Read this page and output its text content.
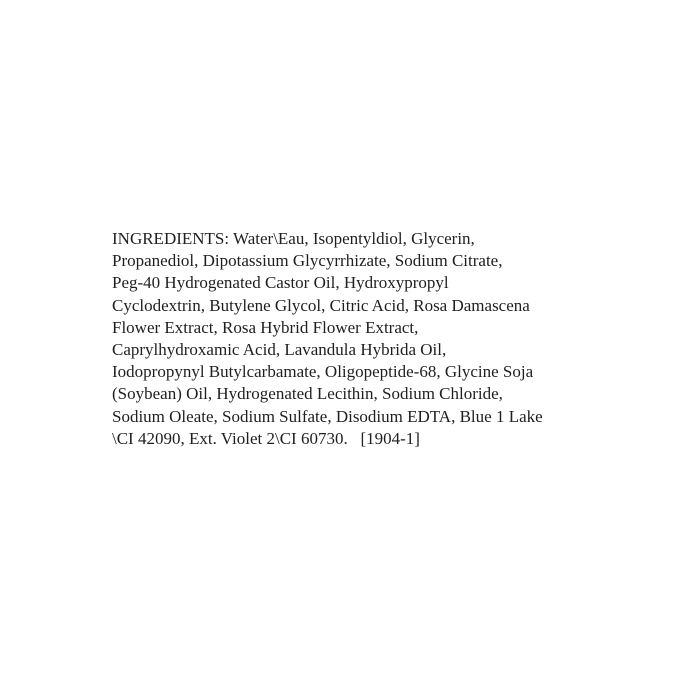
INGREDIENTS: Water\Eau, Isopentyldiol, Glycerin,
Propanediol, Dipotassium Glycyrrhizate, Sodium Citrate,
Peg-40 Hydrogenated Castor Oil, Hydroxypropyl
Cyclodextrin, Butylene Glycol, Citric Acid, Rosa Damascena
Flower Extract, Rosa Hybrid Flower Extract,
Caprylhydroxamic Acid, Lavandula Hybrida Oil,
Iodopropynyl Butylcarbamate, Oligopeptide-68, Glycine Soja
(Soybean) Oil, Hydrogenated Lecithin, Sodium Chloride,
Sodium Oleate, Sodium Sulfate, Disodium EDTA, Blue 1 Lake
\CI 42090, Ext. Violet 2\CI 60730.   [1904-1]
